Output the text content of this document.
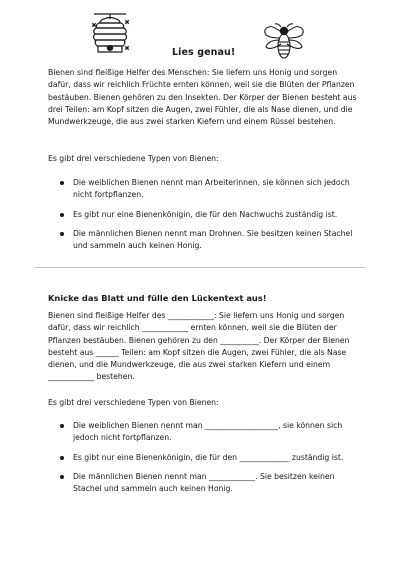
Lies genau!

Bienen sind fleißige Helfer des Menschen: Sie liefern uns Honig und sorgen dafür, dass wir reichlich Früchte ernten können, weil sie die Blüten der Pflanzen bestäuben. Bienen gehören zu den Insekten. Der Körper der Bienen besteht aus drei Teilen: am Kopf sitzen die Augen, zwei Fühler, die als Nase dienen, und die Mundwerkzeuge, die aus zwei starken Kiefern und einem Rüssel bestehen.

Es gibt drei verschiedene Typen von Bienen:

Die weiblichen Bienen nennt man Arbeiterinnen, sie können sich jedoch nicht fortpflanzen.
Es gibt nur eine Bienenkönigin, die für den Nachwuchs zuständig ist.
Die männlichen Bienen nennt man Drohnen. Sie besitzen keinen Stachel und sammeln auch keinen Honig.
Knicke das Blatt und fülle den Lückentext aus!

Bienen sind fleißige Helfer des ____________: Sie liefern uns Honig und sorgen dafür, dass wir reichlich ____________ ernten können, weil sie die Blüten der Pflanzen bestäuben. Bienen gehören zu den __________. Der Körper der Bienen besteht aus ______ Teilen: am Kopf sitzen die Augen, zwei Fühler, die als Nase dienen, und die Mundwerkzeuge, die aus zwei starken Kiefern und einem ____________ bestehen.

Es gibt drei verschiedene Typen von Bienen:

Die weiblichen Bienen nennt man ___________________, sie können sich jedoch nicht fortpflanzen.
Es gibt nur eine Bienenkönigin, die für den _____________ zuständig ist.
Die männlichen Bienen nennt man ____________. Sie besitzen keinen Stachel und sammeln auch keinen Honig.
